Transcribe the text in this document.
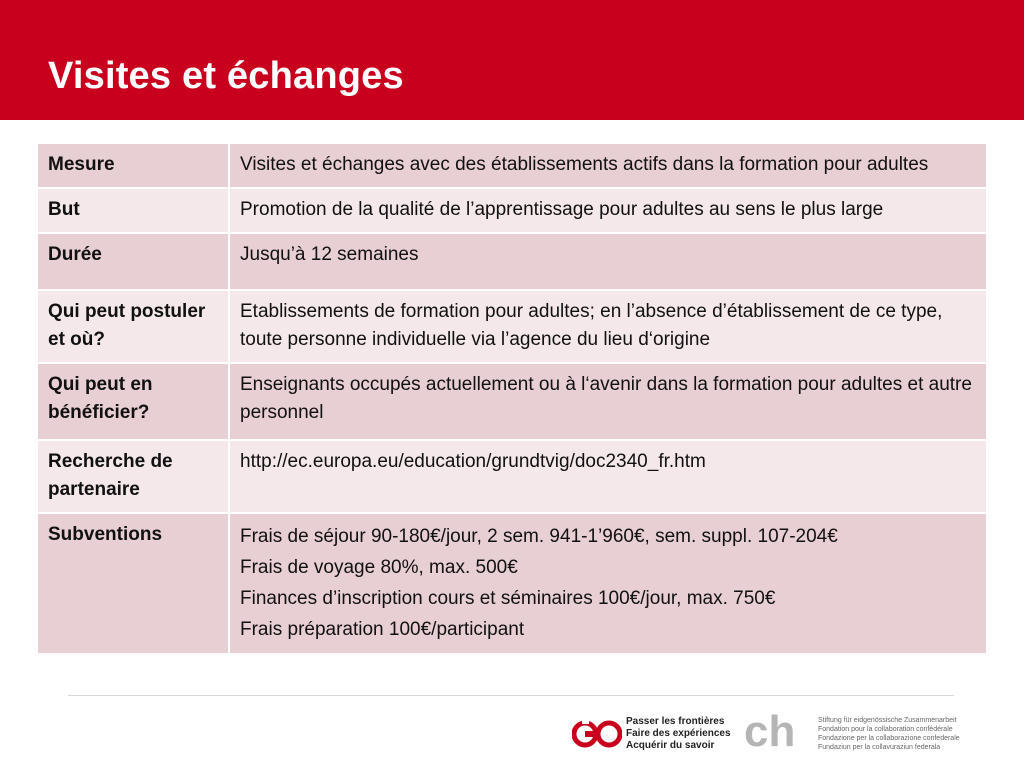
Visites et échanges
Mesure	Visites et échanges avec des établissements actifs dans la formation pour adultes
But	Promotion de la qualité de l’apprentissage pour adultes au sens le plus large
Durée	Jusqu’à 12 semaines
Qui peut postuler et où?	Etablissements de formation pour adultes; en l’absence d’établissement de ce type, toute personne individuelle via l’agence du lieu d‘origine
Qui peut en bénéficier?	Enseignants occupés actuellement ou à l‘avenir dans la formation pour adultes et autre personnel
Recherche de partenaire	http://ec.europa.eu/education/grundtvig/doc2340_fr.htm
Subventions	Frais de séjour 90-180€/jour, 2 sem. 941-1’960€, sem. suppl. 107-204€
Frais de voyage 80%, max. 500€
Finances d’inscription cours et séminaires 100€/jour, max. 750€
Frais préparation 100€/participant
GO
Passer les frontières
Faire des expériences
Acquérir du savoir ch	Stiftung für eidgenössische Zusammenarbeit
Fondation pour la collaboration confédérale
Fondazione per la collaborazione confederale
Fundaziun per la collavuraziun federala
